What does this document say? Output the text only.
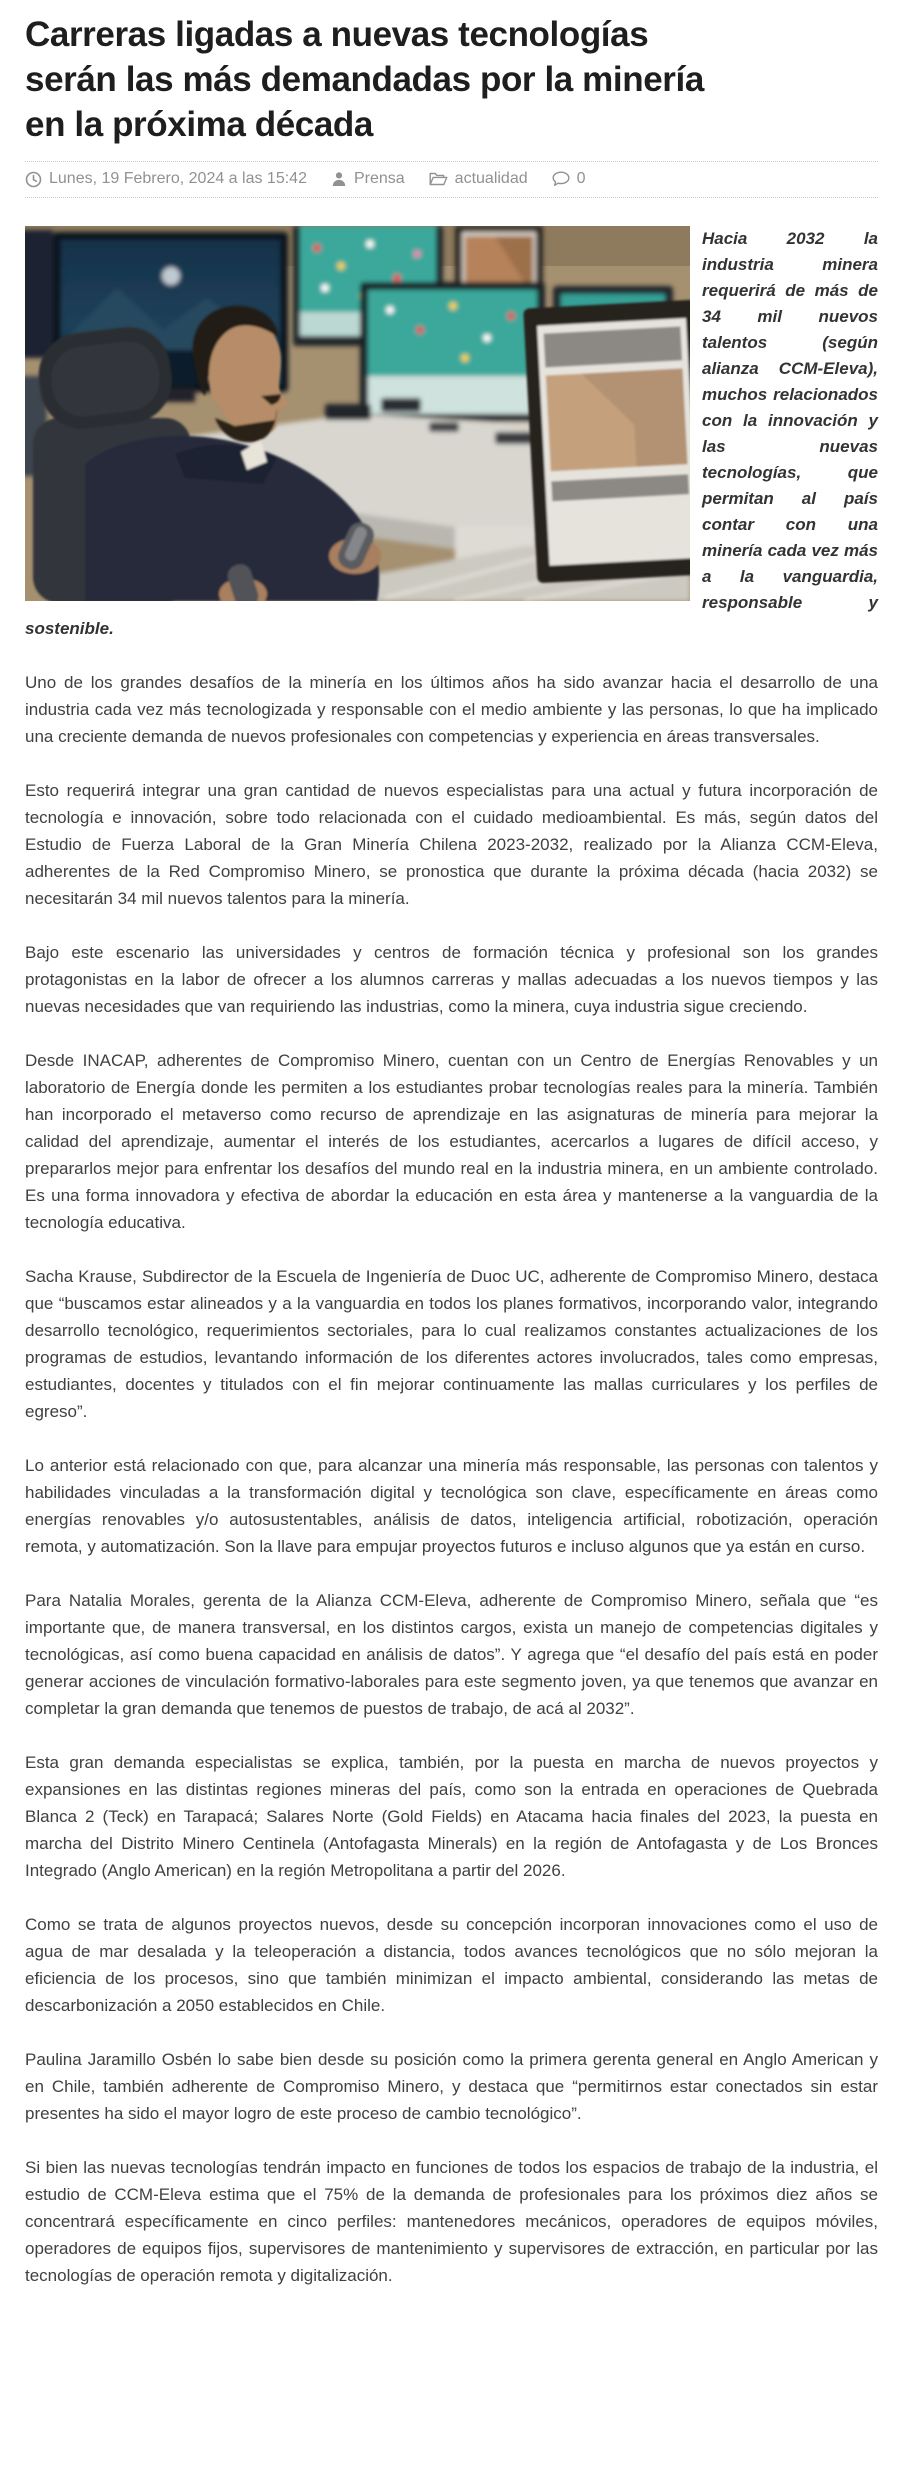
Carreras ligadas a nuevas tecnologías
serán las más demandadas por la minería
en la próxima década
Lunes, 19 Febrero, 2024 a las 15:42	Prensa	actualidad	0

Hacia 2032 la industria minera requerirá de más de 34 mil nuevos talentos (según alianza CCM-Eleva), muchos relacionados con la innovación y las nuevas tecnologías, que permitan al país contar con una minería cada vez más a la vanguardia, responsable y sostenible.

Uno de los grandes desafíos de la minería en los últimos años ha sido avanzar hacia el desarrollo de una industria cada vez más tecnologizada y responsable con el medio ambiente y las personas, lo que ha implicado una creciente demanda de nuevos profesionales con competencias y experiencia en áreas transversales.

Esto requerirá integrar una gran cantidad de nuevos especialistas para una actual y futura incorporación de tecnología e innovación, sobre todo relacionada con el cuidado medioambiental. Es más, según datos del Estudio de Fuerza Laboral de la Gran Minería Chilena 2023-2032, realizado por la Alianza CCM-Eleva, adherentes de la Red Compromiso Minero, se pronostica que durante la próxima década (hacia 2032) se necesitarán 34 mil nuevos talentos para la minería.

Bajo este escenario las universidades y centros de formación técnica y profesional son los grandes protagonistas en la labor de ofrecer a los alumnos carreras y mallas adecuadas a los nuevos tiempos y las nuevas necesidades que van requiriendo las industrias, como la minera, cuya industria sigue creciendo.

Desde INACAP, adherentes de Compromiso Minero, cuentan con un Centro de Energías Renovables y un laboratorio de Energía donde les permiten a los estudiantes probar tecnologías reales para la minería. También han incorporado el metaverso como recurso de aprendizaje en las asignaturas de minería para mejorar la calidad del aprendizaje, aumentar el interés de los estudiantes, acercarlos a lugares de difícil acceso, y prepararlos mejor para enfrentar los desafíos del mundo real en la industria minera, en un ambiente controlado. Es una forma innovadora y efectiva de abordar la educación en esta área y mantenerse a la vanguardia de la tecnología educativa.

Sacha Krause, Subdirector de la Escuela de Ingeniería de Duoc UC, adherente de Compromiso Minero, destaca que “buscamos estar alineados y a la vanguardia en todos los planes formativos, incorporando valor, integrando desarrollo tecnológico, requerimientos sectoriales, para lo cual realizamos constantes actualizaciones de los programas de estudios, levantando información de los diferentes actores involucrados, tales como empresas, estudiantes, docentes y titulados con el fin mejorar continuamente las mallas curriculares y los perfiles de egreso”.

Lo anterior está relacionado con que, para alcanzar una minería más responsable, las personas con talentos y habilidades vinculadas a la transformación digital y tecnológica son clave, específicamente en áreas como energías renovables y/o autosustentables, análisis de datos, inteligencia artificial, robotización, operación remota, y automatización. Son la llave para empujar proyectos futuros e incluso algunos que ya están en curso.

Para Natalia Morales, gerenta de la Alianza CCM-Eleva, adherente de Compromiso Minero, señala que “es importante que, de manera transversal, en los distintos cargos, exista un manejo de competencias digitales y tecnológicas, así como buena capacidad en análisis de datos”. Y agrega que “el desafío del país está en poder generar acciones de vinculación formativo-laborales para este segmento joven, ya que tenemos que avanzar en completar la gran demanda que tenemos de puestos de trabajo, de acá al 2032”.

Esta gran demanda especialistas se explica, también, por la puesta en marcha de nuevos proyectos y expansiones en las distintas regiones mineras del país, como son la entrada en operaciones de Quebrada Blanca 2 (Teck) en Tarapacá; Salares Norte (Gold Fields) en Atacama hacia finales del 2023, la puesta en marcha del Distrito Minero Centinela (Antofagasta Minerals) en la región de Antofagasta y de Los Bronces Integrado (Anglo American) en la región Metropolitana a partir del 2026.

Como se trata de algunos proyectos nuevos, desde su concepción incorporan innovaciones como el uso de agua de mar desalada y la teleoperación a distancia, todos avances tecnológicos que no sólo mejoran la eficiencia de los procesos, sino que también minimizan el impacto ambiental, considerando las metas de descarbonización a 2050 establecidos en Chile.

Paulina Jaramillo Osbén lo sabe bien desde su posición como la primera gerenta general en Anglo American y en Chile, también adherente de Compromiso Minero, y destaca que “permitirnos estar conectados sin estar presentes ha sido el mayor logro de este proceso de cambio tecnológico”.

Si bien las nuevas tecnologías tendrán impacto en funciones de todos los espacios de trabajo de la industria, el estudio de CCM-Eleva estima que el 75% de la demanda de profesionales para los próximos diez años se concentrará específicamente en cinco perfiles: mantenedores mecánicos, operadores de equipos móviles, operadores de equipos fijos, supervisores de mantenimiento y supervisores de extracción, en particular por las tecnologías de operación remota y digitalización.
